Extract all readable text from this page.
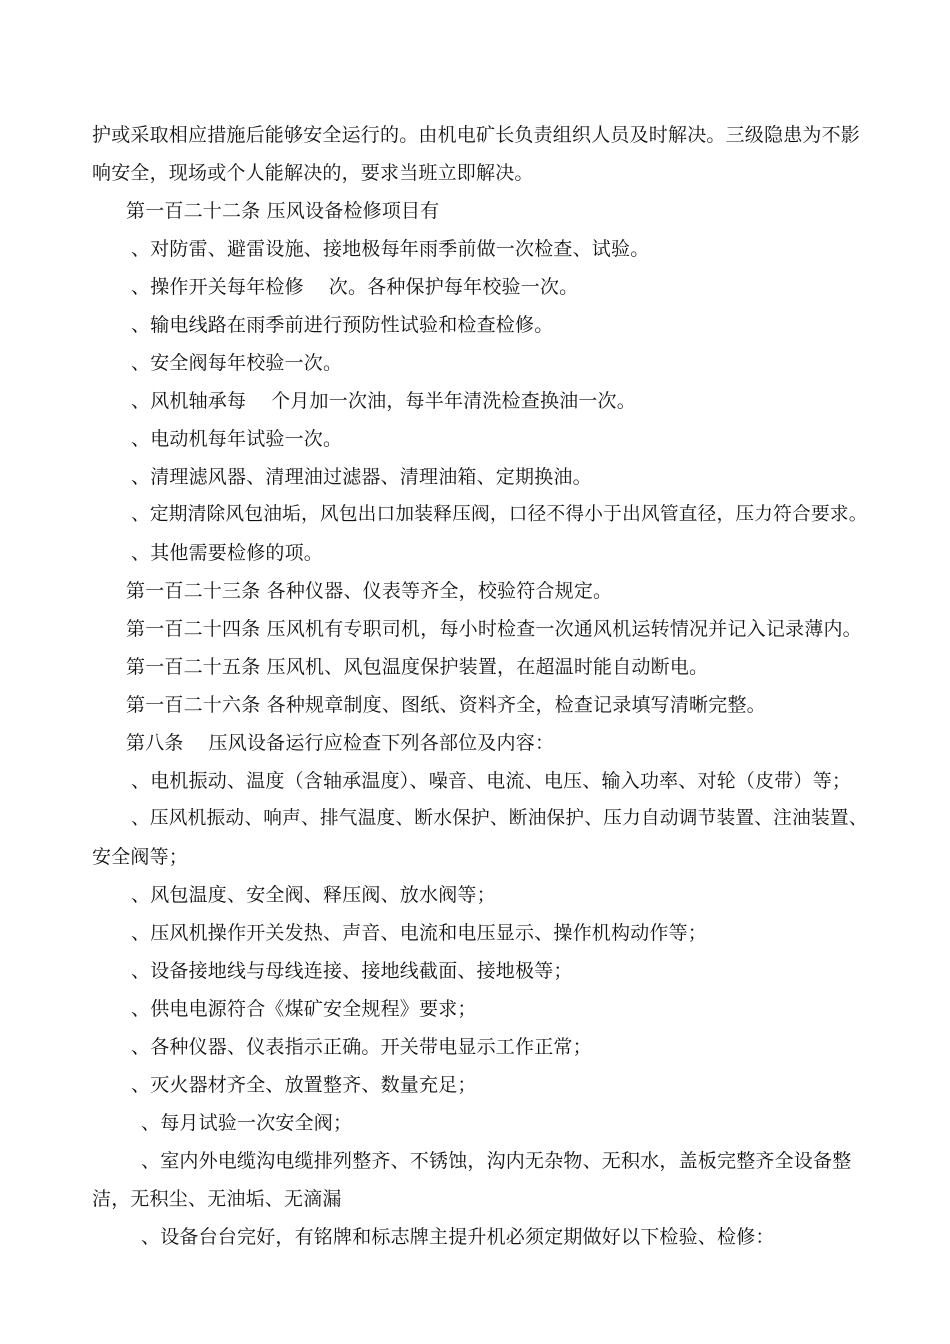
护或采取相应措施后能够安全运行的。由机电矿长负责组织人员及时解决。三级隐患为不影
响安全，现场或个人能解决的，要求当班立即解决。
第一百二十二条 压风设备检修项目有
、对防雷、避雷设施、接地极每年雨季前做一次检查、试验。
、操作开关每年检修    次。各种保护每年校验一次。
、输电线路在雨季前进行预防性试验和检查检修。
、安全阀每年校验一次。
、风机轴承每    个月加一次油，每半年清洗检查换油一次。
、电动机每年试验一次。
、清理滤风器、清理油过滤器、清理油箱、定期换油。
、定期清除风包油垢，风包出口加装释压阀，口径不得小于出风管直径，压力符合要求。
、其他需要检修的项。
第一百二十三条 各种仪器、仪表等齐全，校验符合规定。
第一百二十四条 压风机有专职司机，每小时检查一次通风机运转情况并记入记录薄内。
第一百二十五条 压风机、风包温度保护装置，在超温时能自动断电。
第一百二十六条 各种规章制度、图纸、资料齐全，检查记录填写清晰完整。
第八条    压风设备运行应检查下列各部位及内容：
、电机振动、温度（含轴承温度）、噪音、电流、电压、输入功率、对轮（皮带）等；
、压风机振动、响声、排气温度、断水保护、断油保护、压力自动调节装置、注油装置、
安全阀等；
、风包温度、安全阀、释压阀、放水阀等；
、压风机操作开关发热、声音、电流和电压显示、操作机构动作等；
、设备接地线与母线连接、接地线截面、接地极等；
、供电电源符合《煤矿安全规程》要求；
、各种仪器、仪表指示正确。开关带电显示工作正常；
、灭火器材齐全、放置整齐、数量充足；
、每月试验一次安全阀；
、室内外电缆沟电缆排列整齐、不锈蚀，沟内无杂物、无积水，盖板完整齐全设备整
洁，无积尘、无油垢、无滴漏
、设备台台完好，有铭牌和标志牌主提升机必须定期做好以下检验、检修：
